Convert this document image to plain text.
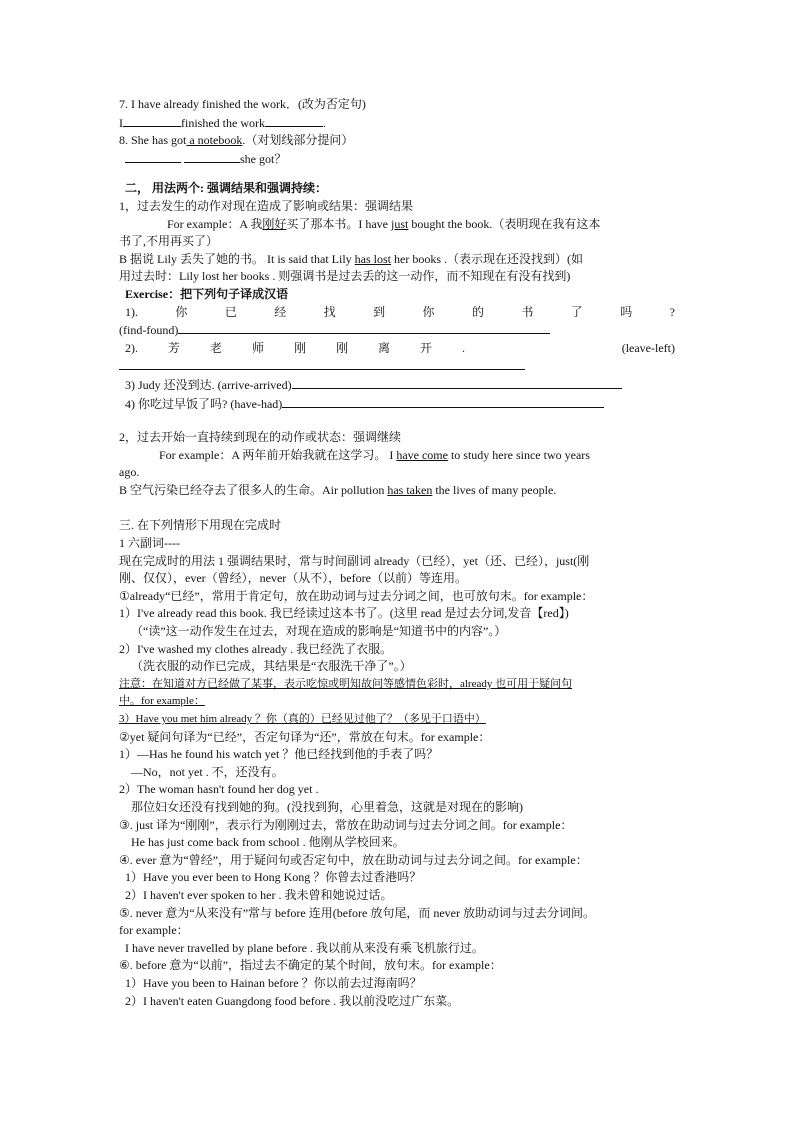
7. I have already finished the work．(改为否定句)
I	finished the work	.
8. She has got a notebook.（对划线部分提问）
she got？
二， 用法两个: 强调结果和强调持续：
1，过去发生的动作对现在造成了影响或结果：强调结果
For example：A 我刚好买了那本书。I have just bought the book.（表明现在我有这本
书了,不用再买了）
B 据说 Lily 丢失了她的书。 It is said that Lily has lost her books .（表示现在还没找到）(如
用过去时：Lily lost her books . 则强调书是过去丢的这一动作，而不知现在有没有找到)
Exercise：把下列句子译成汉语
1).	你	已	经	找	到	你	的	书	了	吗	?
(find-found)
2). 芳 老 师 刚 刚 离 开 .	(leave-left)
3) Judy 还没到达. (arrive-arrived)
4) 你吃过早饭了吗? (have-had)
2，过去开始一直持续到现在的动作或状态：强调继续
For example：A 两年前开始我就在这学习。 I have come to study here since two years
ago.
B 空气污染已经夺去了很多人的生命。Air pollution has taken the lives of many people.
三. 在下列情形下用现在完成时
1 六副词----
现在完成时的用法 1 强调结果时，常与时间副词 already（已经），yet（还、已经），just(刚
刚、仅仅），ever（曾经），never（从不），before（以前）等连用。
①already“已经”，常用于肯定句，放在助动词与过去分词之间，也可放句末。for example：
1）I've already read this book. 我已经读过这本书了。(这里 read 是过去分词,发音【red】)
（“读”这一动作发生在过去，对现在造成的影响是“知道书中的内容”。）
2）I've washed my clothes already . 我已经洗了衣服。
（洗衣服的动作已完成，其结果是“衣服洗干净了”。）
注意：在知道对方已经做了某事，表示吃惊或明知故问等感情色彩时，already 也可用于疑问句
中。for example：
3）Have you met him already ？你（真的）已经见过他了？（多见于口语中）
②yet 疑问句译为“已经”，否定句译为“还”，常放在句末。for example：
1）—Has he found his watch yet ？他已经找到他的手表了吗？
—No，not yet . 不，还没有。
2）The woman hasn't found her dog yet .
那位妇女还没有找到她的狗。(没找到狗，心里着急，这就是对现在的影响)
③. just 译为“刚刚”，表示行为刚刚过去，常放在助动词与过去分词之间。for example：
He has just come back from school . 他刚从学校回来。
④. ever 意为“曾经”，用于疑问句或否定句中，放在助动词与过去分词之间。for example：
1）Have you ever been to Hong Kong ？你曾去过香港吗？
2）I haven't ever spoken to her . 我未曾和她说过话。
⑤. never 意为“从来没有”常与 before 连用(before 放句尾，而 never 放助动词与过去分词间。
for example：
I have never travelled by plane before . 我以前从来没有乘飞机旅行过。
⑥. before 意为“以前”，指过去不确定的某个时间，放句末。for example：
1）Have you been to Hainan before ？你以前去过海南吗？
2）I haven't eaten Guangdong food before . 我以前没吃过广东菜。
